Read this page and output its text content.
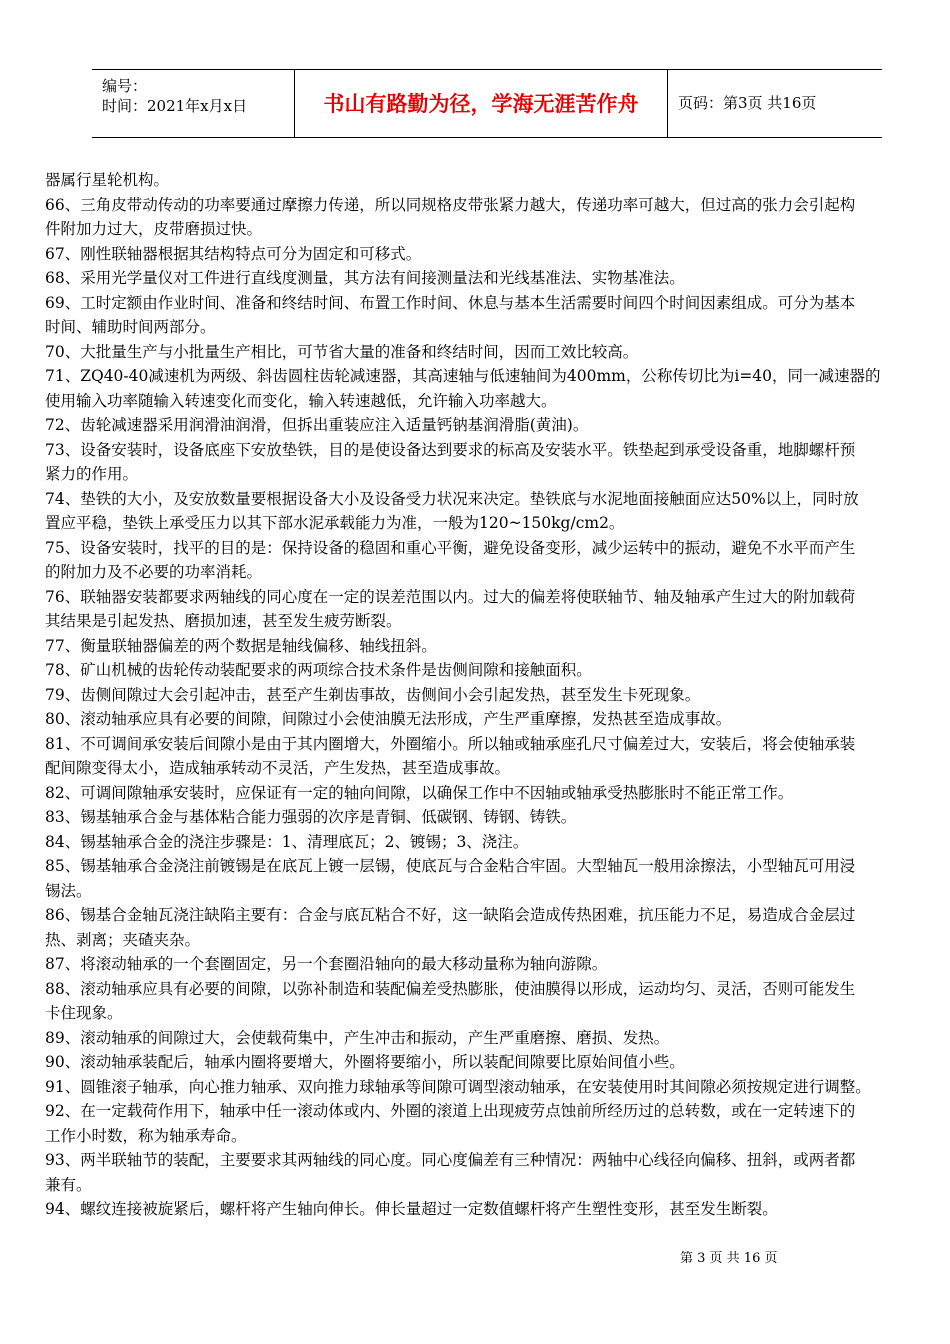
编号：
时间：2021年x月x日	书山有路勤为径，学海无涯苦作舟	页码：第3页 共16页
器属行星轮机构。
66、三角皮带动传动的功率要通过摩擦力传递，所以同规格皮带张紧力越大，传递功率可越大，但过高的张力会引起构
件附加力过大，皮带磨损过快。
67、刚性联轴器根据其结构特点可分为固定和可移式。
68、采用光学量仪对工件进行直线度测量，其方法有间接测量法和光线基准法、实物基准法。
69、工时定额由作业时间、准备和终结时间、布置工作时间、休息与基本生活需要时间四个时间因素组成。可分为基本
时间、辅助时间两部分。
70、大批量生产与小批量生产相比，可节省大量的准备和终结时间，因而工效比较高。
71、ZQ40-40减速机为两级、斜齿圆柱齿轮减速器，其高速轴与低速轴间为400mm，公称传切比为i=40，同一减速器的
使用输入功率随输入转速变化而变化，输入转速越低，允许输入功率越大。
72、齿轮减速器采用润滑油润滑，但拆出重装应注入适量钙钠基润滑脂(黄油)。
73、设备安装时，设备底座下安放垫铁，目的是使设备达到要求的标高及安装水平。铁垫起到承受设备重，地脚螺杆预
紧力的作用。
74、垫铁的大小，及安放数量要根据设备大小及设备受力状况来决定。垫铁底与水泥地面接触面应达50%以上，同时放
置应平稳，垫铁上承受压力以其下部水泥承载能力为准，一般为120~150kg/cm2。
75、设备安装时，找平的目的是：保持设备的稳固和重心平衡，避免设备变形，减少运转中的振动，避免不水平而产生
的附加力及不必要的功率消耗。
76、联轴器安装都要求两轴线的同心度在一定的误差范围以内。过大的偏差将使联轴节、轴及轴承产生过大的附加载荷
其结果是引起发热、磨损加速，甚至发生疲劳断裂。
77、衡量联轴器偏差的两个数据是轴线偏移、轴线扭斜。
78、矿山机械的齿轮传动装配要求的两项综合技术条件是齿侧间隙和接触面积。
79、齿侧间隙过大会引起冲击，甚至产生剃齿事故，齿侧间小会引起发热，甚至发生卡死现象。
80、滚动轴承应具有必要的间隙，间隙过小会使油膜无法形成，产生严重摩擦，发热甚至造成事故。
81、不可调间承安装后间隙小是由于其内圈增大，外圈缩小。所以轴或轴承座孔尺寸偏差过大，安装后，将会使轴承装
配间隙变得太小，造成轴承转动不灵活，产生发热，甚至造成事故。
82、可调间隙轴承安装时，应保证有一定的轴向间隙，以确保工作中不因轴或轴承受热膨胀时不能正常工作。
83、锡基轴承合金与基体粘合能力强弱的次序是青铜、低碳钢、铸钢、铸铁。
84、锡基轴承合金的浇注步骤是：1、清理底瓦；2、镀锡；3、浇注。
85、锡基轴承合金浇注前镀锡是在底瓦上镀一层锡，使底瓦与合金粘合牢固。大型轴瓦一般用涂擦法，小型轴瓦可用浸
锡法。
86、锡基合金轴瓦浇注缺陷主要有：合金与底瓦粘合不好，这一缺陷会造成传热困难，抗压能力不足，易造成合金层过
热、剥离；夹碴夹杂。
87、将滚动轴承的一个套圈固定，另一个套圈沿轴向的最大移动量称为轴向游隙。
88、滚动轴承应具有必要的间隙，以弥补制造和装配偏差受热膨胀，使油膜得以形成，运动均匀、灵活，否则可能发生
卡住现象。
89、滚动轴承的间隙过大，会使载荷集中，产生冲击和振动，产生严重磨擦、磨损、发热。
90、滚动轴承装配后，轴承内圈将要增大，外圈将要缩小，所以装配间隙要比原始间值小些。
91、圆锥滚子轴承，向心推力轴承、双向推力球轴承等间隙可调型滚动轴承，在安装使用时其间隙必须按规定进行调整。
92、在一定载荷作用下，轴承中任一滚动体或内、外圈的滚道上出现疲劳点蚀前所经历过的总转数，或在一定转速下的
工作小时数，称为轴承寿命。
93、两半联轴节的装配，主要要求其两轴线的同心度。同心度偏差有三种情况：两轴中心线径向偏移、扭斜，或两者都
兼有。
94、螺纹连接被旋紧后，螺杆将产生轴向伸长。伸长量超过一定数值螺杆将产生塑性变形，甚至发生断裂。
第 3 页 共 16 页
